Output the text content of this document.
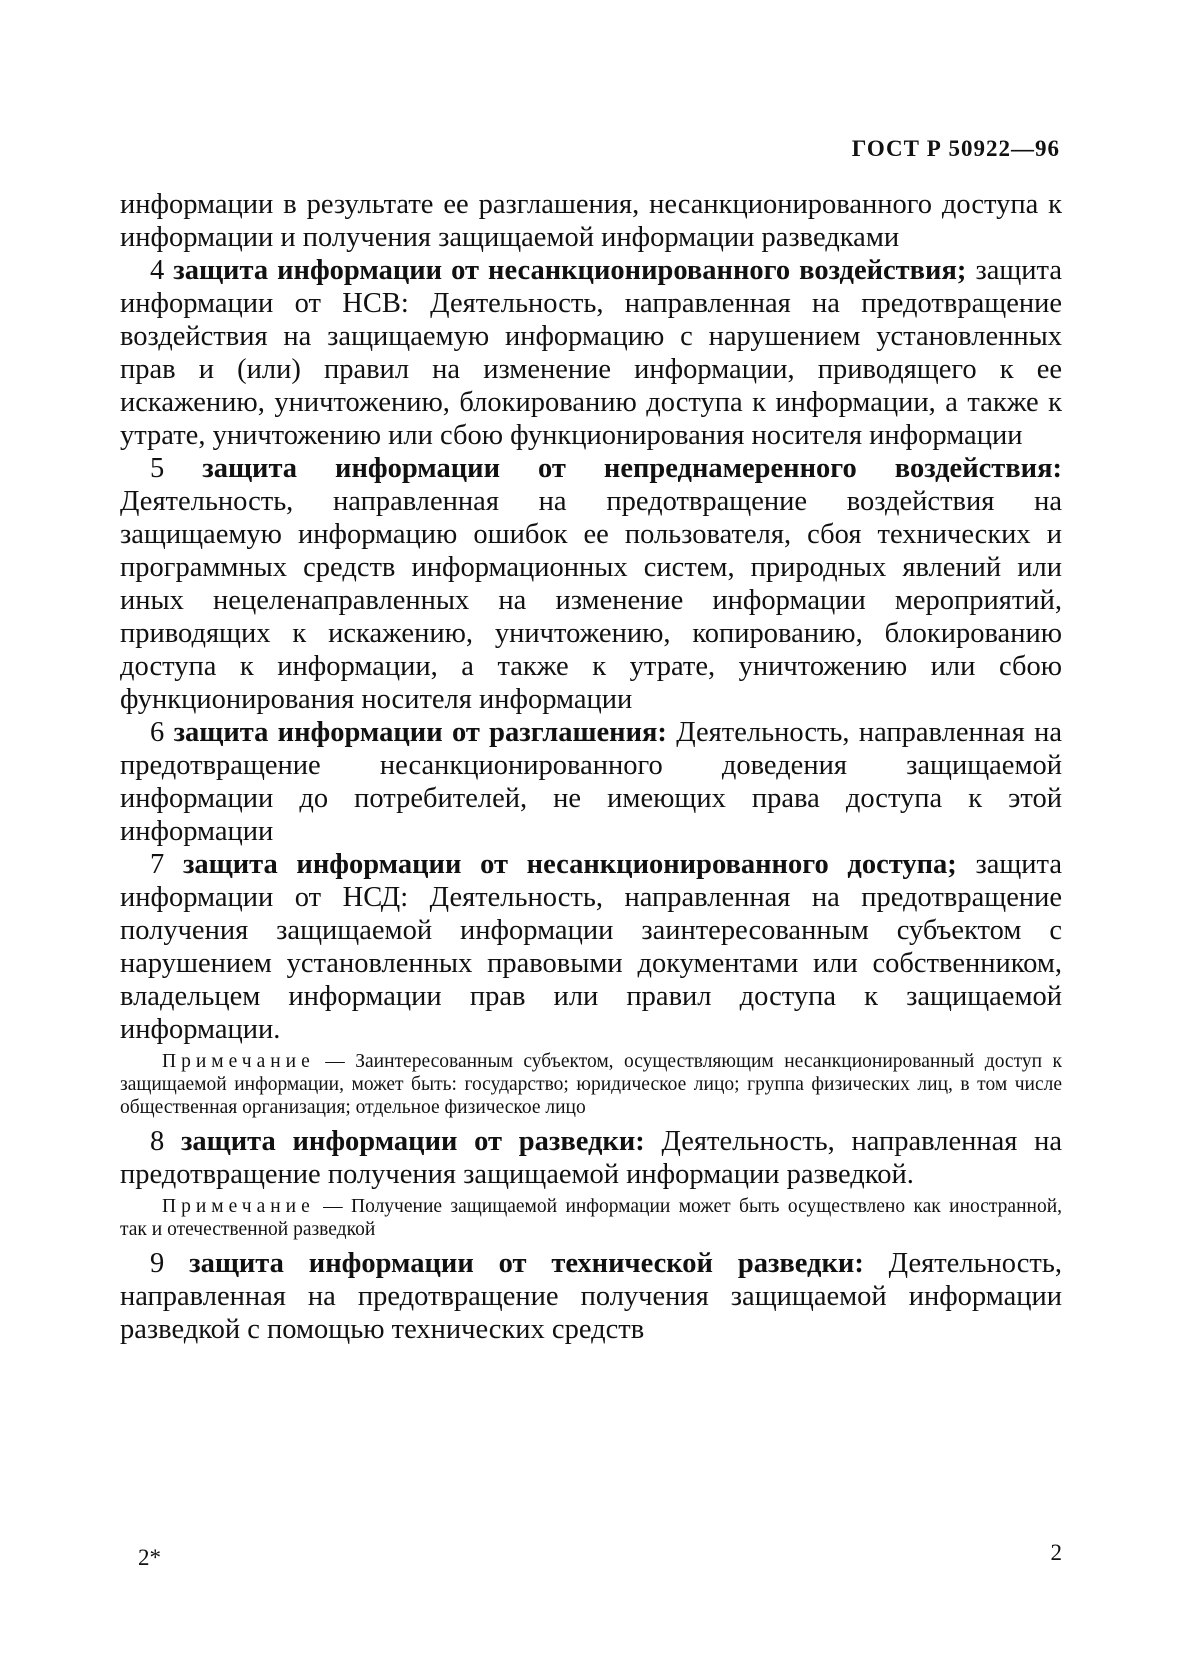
ГОСТ Р 50922—96

информации в результате ее разглашения, несанкционированного доступа к информации и получения защищаемой информации разведками

4 защита информации от несанкционированного воздействия; защита информации от НСВ: Деятельность, направленная на предотвращение воздействия на защищаемую информацию с нарушением установленных прав и (или) правил на изменение информации, приводящего к ее искажению, уничтожению, блокированию доступа к информации, а также к утрате, уничтожению или сбою функционирования носителя информации

5 защита информации от непреднамеренного воздействия: Деятельность, направленная на предотвращение воздействия на защищаемую информацию ошибок ее пользователя, сбоя технических и программных средств информационных систем, природных явлений или иных нецеленаправленных на изменение информации мероприятий, приводящих к искажению, уничтожению, копированию, блокированию доступа к информации, а также к утрате, уничтожению или сбою функционирования носителя информации

6 защита информации от разглашения: Деятельность, направленная на предотвращение несанкционированного доведения защищаемой информации до потребителей, не имеющих права доступа к этой информации

7 защита информации от несанкционированного доступа; защита информации от НСД: Деятельность, направленная на предотвращение получения защищаемой информации заинтересованным субъектом с нарушением установленных правовыми документами или собственником, владельцем информации прав или правил доступа к защищаемой информации.

Примечание — Заинтересованным субъектом, осуществляющим несанкционированный доступ к защищаемой информации, может быть: государство; юридическое лицо; группа физических лиц, в том числе общественная организация; отдельное физическое лицо

8 защита информации от разведки: Деятельность, направленная на предотвращение получения защищаемой информации разведкой.

Примечание — Получение защищаемой информации может быть осуществлено как иностранной, так и отечественной разведкой

9 защита информации от технической разведки: Деятельность, направленная на предотвращение получения защищаемой информации разведкой с помощью технических средств

2*	2
